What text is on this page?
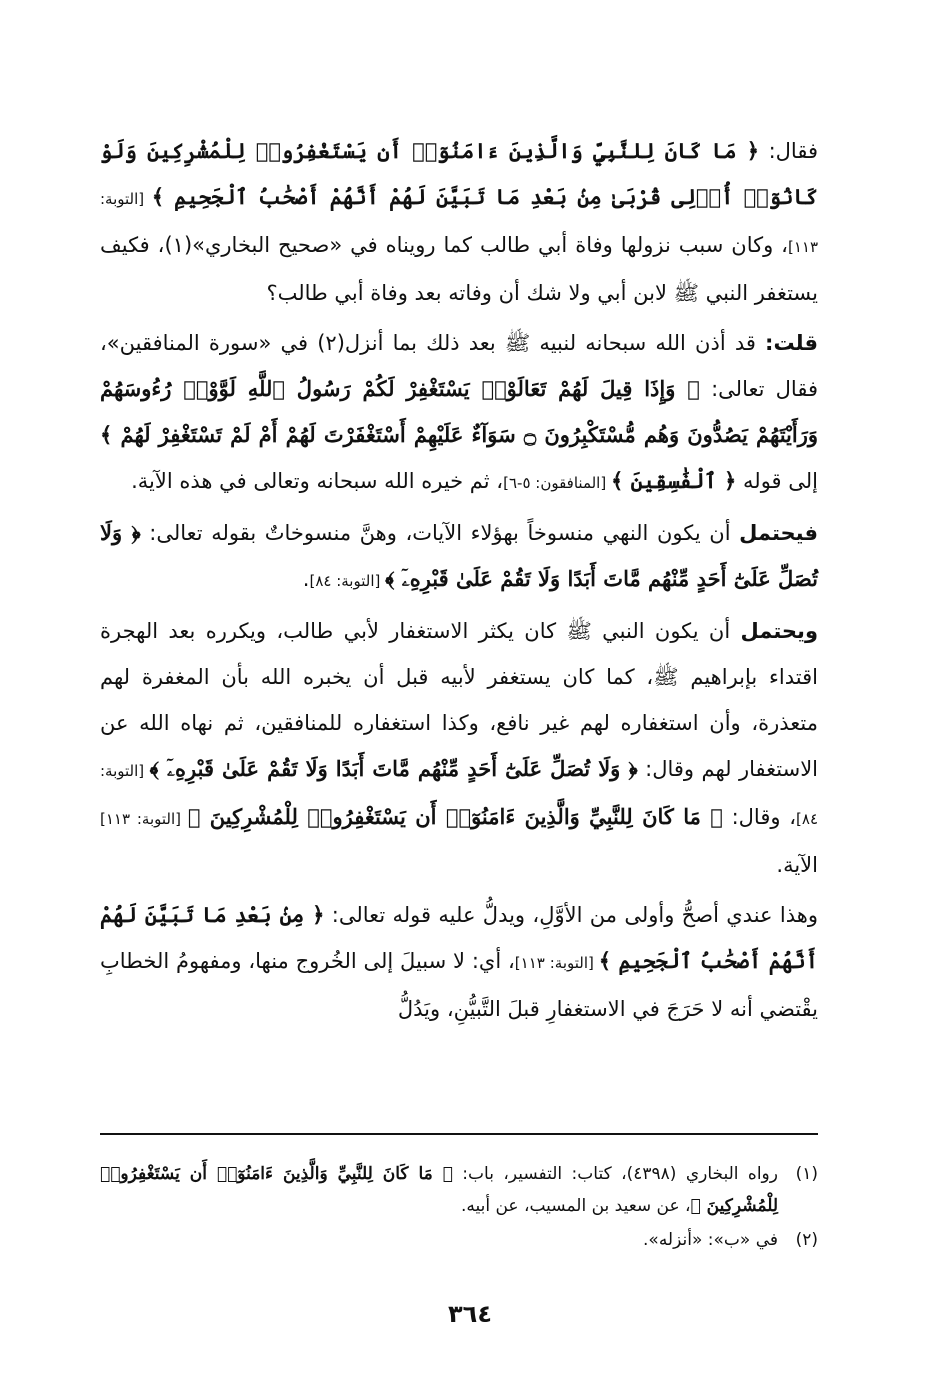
فقال: ﴿ مَا كَانَ لِلنَّبِيِّ وَالَّذِينَ ءَامَنُوٓا۟ أَن يَسْتَغْفِرُوا۟ لِلْمُشْرِكِينَ وَلَوْ كَانُوٓا۟ أُو۟لِى قُرْبَىٰ مِنۢ بَعْدِ مَا تَبَيَّنَ لَهُمْ أَنَّهُمْ أَصْحَٰبُ ٱلْجَحِيمِ ﴾ [التوبة: ١١٣]، وكان سبب نزولها وفاة أبي طالب كما رويناه في «صحيح البخاري»(١)، فكيف يستغفر النبي ﷺ لابن أبي ولا شك أن وفاته بعد وفاة أبي طالب؟

قلت: قد أذن الله سبحانه لنبيه ﷺ بعد ذلك بما أنزل(٢) في «سورة المنافقين»، فقال تعالى: ﴿ وَإِذَا قِيلَ لَهُمْ تَعَالَوْا۟ يَسْتَغْفِرْ لَكُمْ رَسُولُ ٱللَّهِ لَوَّوْا۟ رُءُوسَهُمْ وَرَأَيْتَهُمْ يَصُدُّونَ وَهُم مُّسْتَكْبِرُونَ ۝ سَوَآءٌ عَلَيْهِمْ أَسْتَغْفَرْتَ لَهُمْ أَمْ لَمْ تَسْتَغْفِرْ لَهُمْ ﴾ إلى قوله ﴿ ٱلْفَٰسِقِينَ ﴾ [المنافقون: ٥-٦]، ثم خيره الله سبحانه وتعالى في هذه الآية.

فيحتمل أن يكون النهي منسوخاً بهؤلاء الآيات، وهنَّ منسوخاتٌ بقوله تعالى: ﴿ وَلَا تُصَلِّ عَلَىٰٓ أَحَدٍ مِّنْهُم مَّاتَ أَبَدًا وَلَا تَقُمْ عَلَىٰ قَبْرِهِۦٓ ﴾ [التوبة: ٨٤].

ويحتمل أن يكون النبي ﷺ كان يكثر الاستغفار لأبي طالب، ويكرره بعد الهجرة اقتداء بإبراهيم ﷺ، كما كان يستغفر لأبيه قبل أن يخبره الله بأن المغفرة لهم متعذرة، وأن استغفاره لهم غير نافع، وكذا استغفاره للمنافقين، ثم نهاه الله عن الاستغفار لهم وقال: ﴿ وَلَا تُصَلِّ عَلَىٰٓ أَحَدٍ مِّنْهُم مَّاتَ أَبَدًا وَلَا تَقُمْ عَلَىٰ قَبْرِهِۦٓ ﴾ [التوبة: ٨٤]، وقال: ﴿ مَا كَانَ لِلنَّبِيِّ وَالَّذِينَ ءَامَنُوٓا۟ أَن يَسْتَغْفِرُوا۟ لِلْمُشْرِكِينَ ﴾ [التوبة: ١١٣] الآية.

وهذا عندي أصحُّ وأولى من الأوَّلِ، ويدلُّ عليه قوله تعالى: ﴿ مِنۢ بَعْدِ مَا تَبَيَّنَ لَهُمْ أَنَّهُمْ أَصْحَٰبُ ٱلْجَحِيمِ ﴾ [التوبة: ١١٣]، أي: لا سبيلَ إلى الخُروج منها، ومفهومُ الخطابِ يقْتضي أنه لا حَرَجَ في الاستغفارِ قبلَ التَّبيُّنِ، ويَدُلُّ

(١)
رواه البخاري (٤٣٩٨)، كتاب: التفسير، باب: ﴿ مَا كَانَ لِلنَّبِيِّ وَالَّذِينَ ءَامَنُوٓا۟ أَن يَسْتَغْفِرُوا۟ لِلْمُشْرِكِينَ ﴾، عن سعيد بن المسيب، عن أبيه.
(٢)
في «ب»: «أنزله».
٣٦٤
